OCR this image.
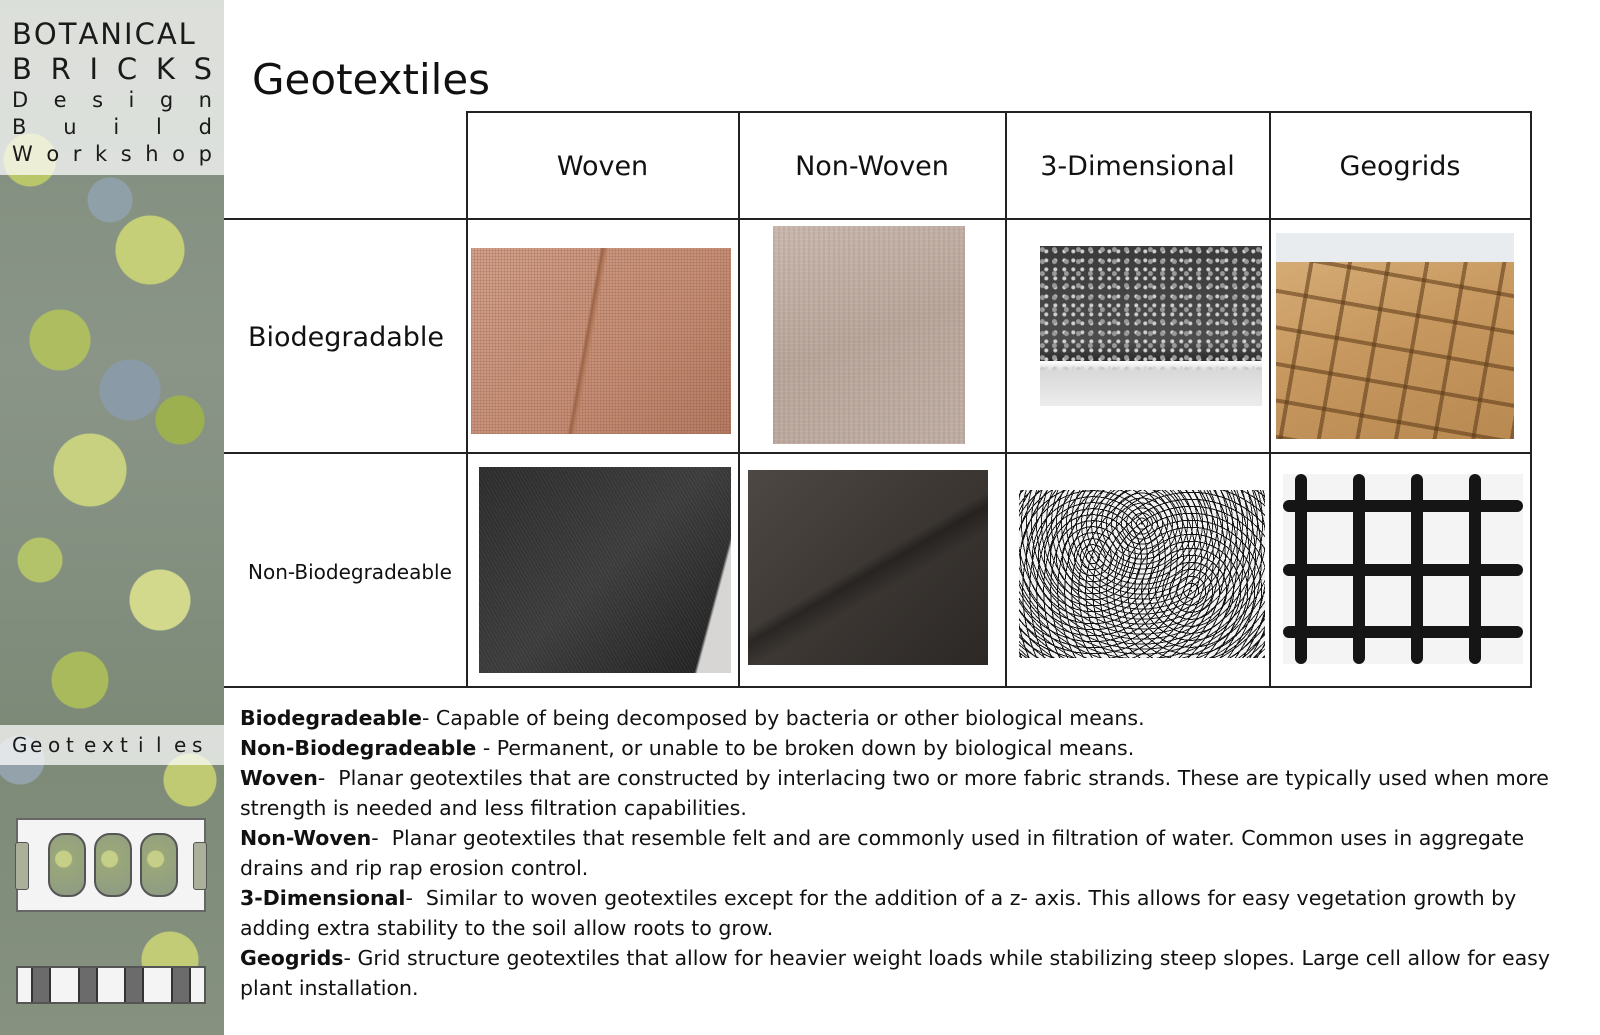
B O T A N I C A L
B R I C K S
D e s i g n
B u i l d
W o r k s h o p
G e o t e x t i l e s
Geotextiles
Woven	Non-Woven	3-Dimensional	Geogrids
Biodegradable
Non-Biodegradeable

Biodegradeable- Capable of being decomposed by bacteria or other biological means.

Non-Biodegradeable - Permanent, or unable to be broken down by biological means.

Woven-  Planar geotextiles that are constructed by interlacing two or more fabric strands. These are typically used when more strength is needed and less filtration capabilities.

Non-Woven-  Planar geotextiles that resemble felt and are commonly used in filtration of water. Common uses in aggregate drains and rip rap erosion control.

3-Dimensional-  Similar to woven geotextiles except for the addition of a z- axis. This allows for easy vegetation growth by adding extra stability to the soil allow roots to grow.

Geogrids- Grid structure geotextiles that allow for heavier weight loads while stabilizing steep slopes. Large cell allow for easy plant installation.
